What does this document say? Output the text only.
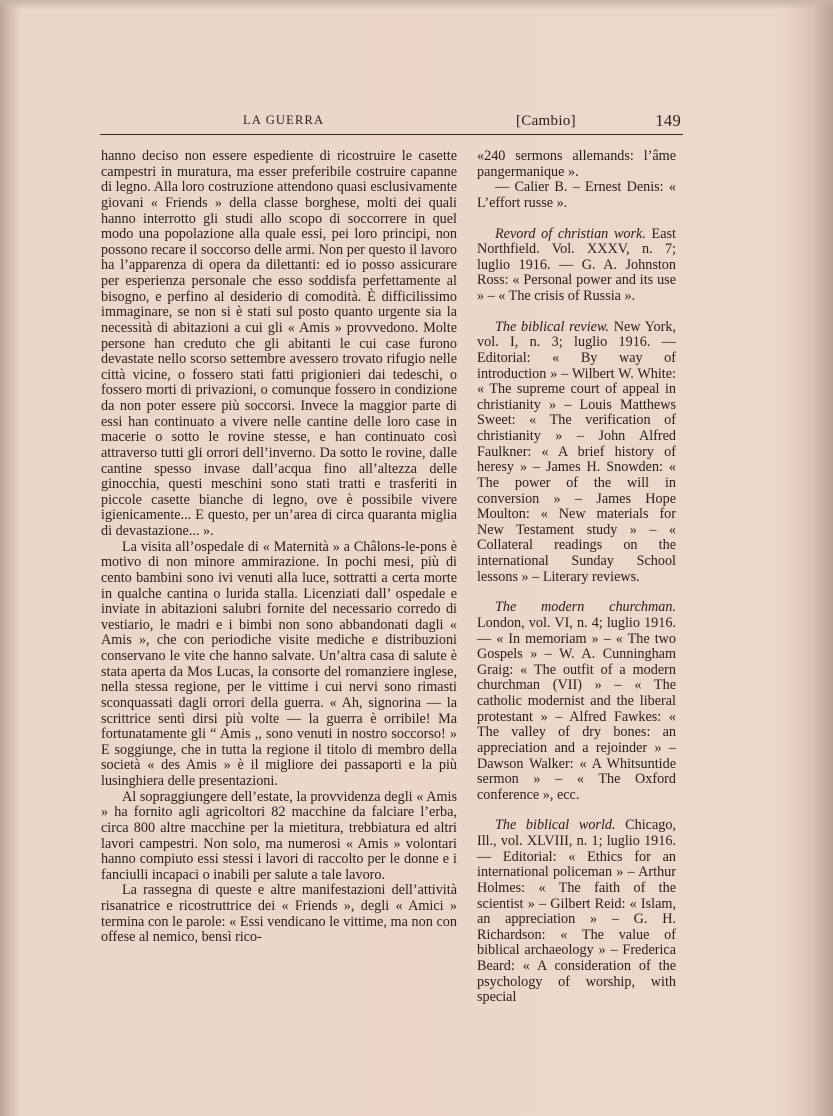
LA GUERRA	[Cambio]	149

hanno deciso non essere espediente di ricostruire le casette campestri in muratura, ma esser preferibile costruire capanne di legno. Alla loro costruzione attendono quasi esclusivamente giovani « Friends » della classe borghese, molti dei quali hanno interrotto gli studi allo scopo di soccorrere in quel modo una popolazione alla quale essi, pei loro principi, non possono recare il soccorso delle armi. Non per questo il lavoro ha l’apparenza di opera da dilettanti: ed io posso assicurare per esperienza personale che esso soddisfa perfettamente al bisogno, e perfino al desiderio di comodità. È difficilissimo immaginare, se non si è stati sul posto quanto urgente sia la necessità di abitazioni a cui gli « Amis » provvedono. Molte persone han creduto che gli abitanti le cui case furono devastate nello scorso settembre avessero trovato rifugio nelle città vicine, o fossero stati fatti prigionieri dai tedeschi, o fossero morti di privazioni, o comunque fossero in condizione da non poter essere più soccorsi. Invece la maggior parte di essi han continuato a vivere nelle cantine delle loro case in macerie o sotto le rovine stesse, e han continuato così attraverso tutti gli orrori dell’inverno. Da sotto le rovine, dalle cantine spesso invase dall’acqua fino all’altezza delle ginocchia, questi meschini sono stati tratti e trasferiti in piccole casette bianche di legno, ove è possibile vivere igienicamente... E questo, per un’area di circa quaranta miglia di devastazione... ».

La visita all’ospedale di « Maternità » a Châlons-le-pons è motivo di non minore ammirazione. In pochi mesi, più di cento bambini sono ivi venuti alla luce, sottratti a certa morte in qualche cantina o lurida stalla. Licenziati dall’ ospedale e inviate in abitazioni salubri fornite del necessario corredo di vestiario, le madri e i bimbi non sono abbandonati dagli « Amis », che con periodiche visite mediche e distribuzioni conservano le vite che hanno salvate. Un’altra casa di salute è stata aperta da Mos Lucas, la consorte del romanziere inglese, nella stessa regione, per le vittime i cui nervi sono rimasti sconquassati dagli orrori della guerra. « Ah, signorina — la scrittrice sentì dirsi più volte — la guerra è orribile! Ma fortunatamente gli “ Amis ,, sono venuti in nostro soccorso! » E soggiunge, che in tutta la regione il titolo di membro della società « des Amis » è il migliore dei passaporti e la più lusinghiera delle presentazioni.

Al sopraggiungere dell’estate, la provvidenza degli « Amis » ha fornito agli agricoltori 82 macchine da falciare l’erba, circa 800 altre macchine per la mietitura, trebbiatura ed altri lavori campestri. Non solo, ma numerosi « Amis » volontari hanno compiuto essi stessi i lavori di raccolto per le donne e i fanciulli incapaci o inabili per salute a tale lavoro.

La rassegna di queste e altre manifestazioni dell’attività risanatrice e ricostruttrice dei « Friends », degli « Amici » termina con le parole: « Essi vendicano le vittime, ma non con offese al nemico, bensì rico-

«240 sermons allemands: l’âme pangermanique ».

— Calier B. – Ernest Denis: « L’effort russe ».

Revord of christian work. East Northfield. Vol. XXXV, n. 7; luglio 1916. — G. A. Johnston Ross: « Personal power and its use » – « The crisis of Russia ».

The biblical review. New York, vol. I, n. 3; luglio 1916. — Editorial: « By way of introduction » – Wilbert W. White: « The supreme court of appeal in christianity » – Louis Matthews Sweet: « The verification of christianity » – John Alfred Faulkner: « A brief history of heresy » – James H. Snowden: « The power of the will in conversion » – James Hope Moulton: « New materials for New Testament study » – « Collateral readings on the international Sunday School lessons » – Literary reviews.

The modern churchman. London, vol. VI, n. 4; luglio 1916. — « In memoriam » – « The two Gospels » – W. A. Cunningham Graig: « The outfit of a modern churchman (VII) » – « The catholic modernist and the liberal protestant » – Alfred Fawkes: « The valley of dry bones: an appreciation and a rejoinder » – Dawson Walker: « A Whitsuntide sermon » – « The Oxford conference », ecc.

The biblical world. Chicago, Ill., vol. XLVIII, n. 1; luglio 1916. — Editorial: « Ethics for an international policeman » – Arthur Holmes: « The faith of the scientist » – Gilbert Reid: « Islam, an appreciation » – G. H. Richardson: « The value of biblical archaeology » – Frederica Beard: « A consideration of the psychology of worship, with special
